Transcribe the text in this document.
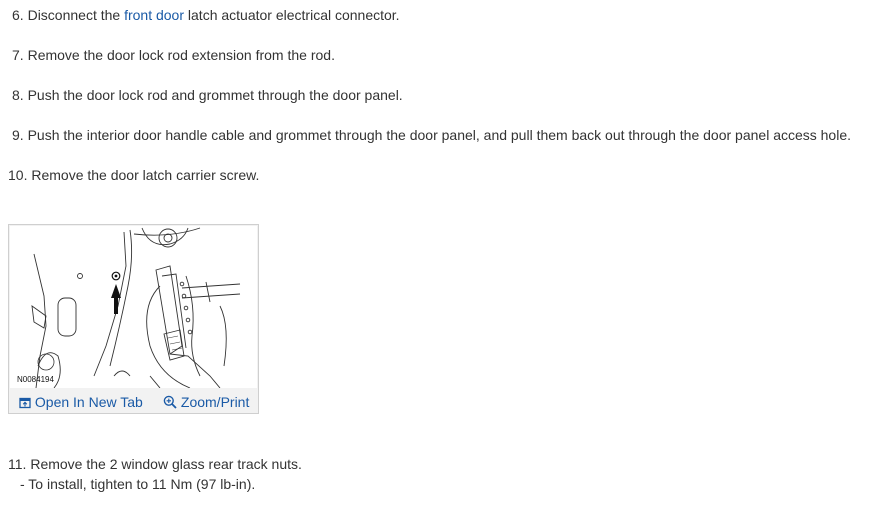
6. Disconnect the front door latch actuator electrical connector.
7. Remove the door lock rod extension from the rod.
8. Push the door lock rod and grommet through the door panel.
9. Push the interior door handle cable and grommet through the door panel, and pull them back out through the door panel access hole.
10. Remove the door latch carrier screw.
N0084194
Open In New Tab	Zoom/Print
11. Remove the 2 window glass rear track nuts.
- To install, tighten to 11 Nm (97 lb-in).
